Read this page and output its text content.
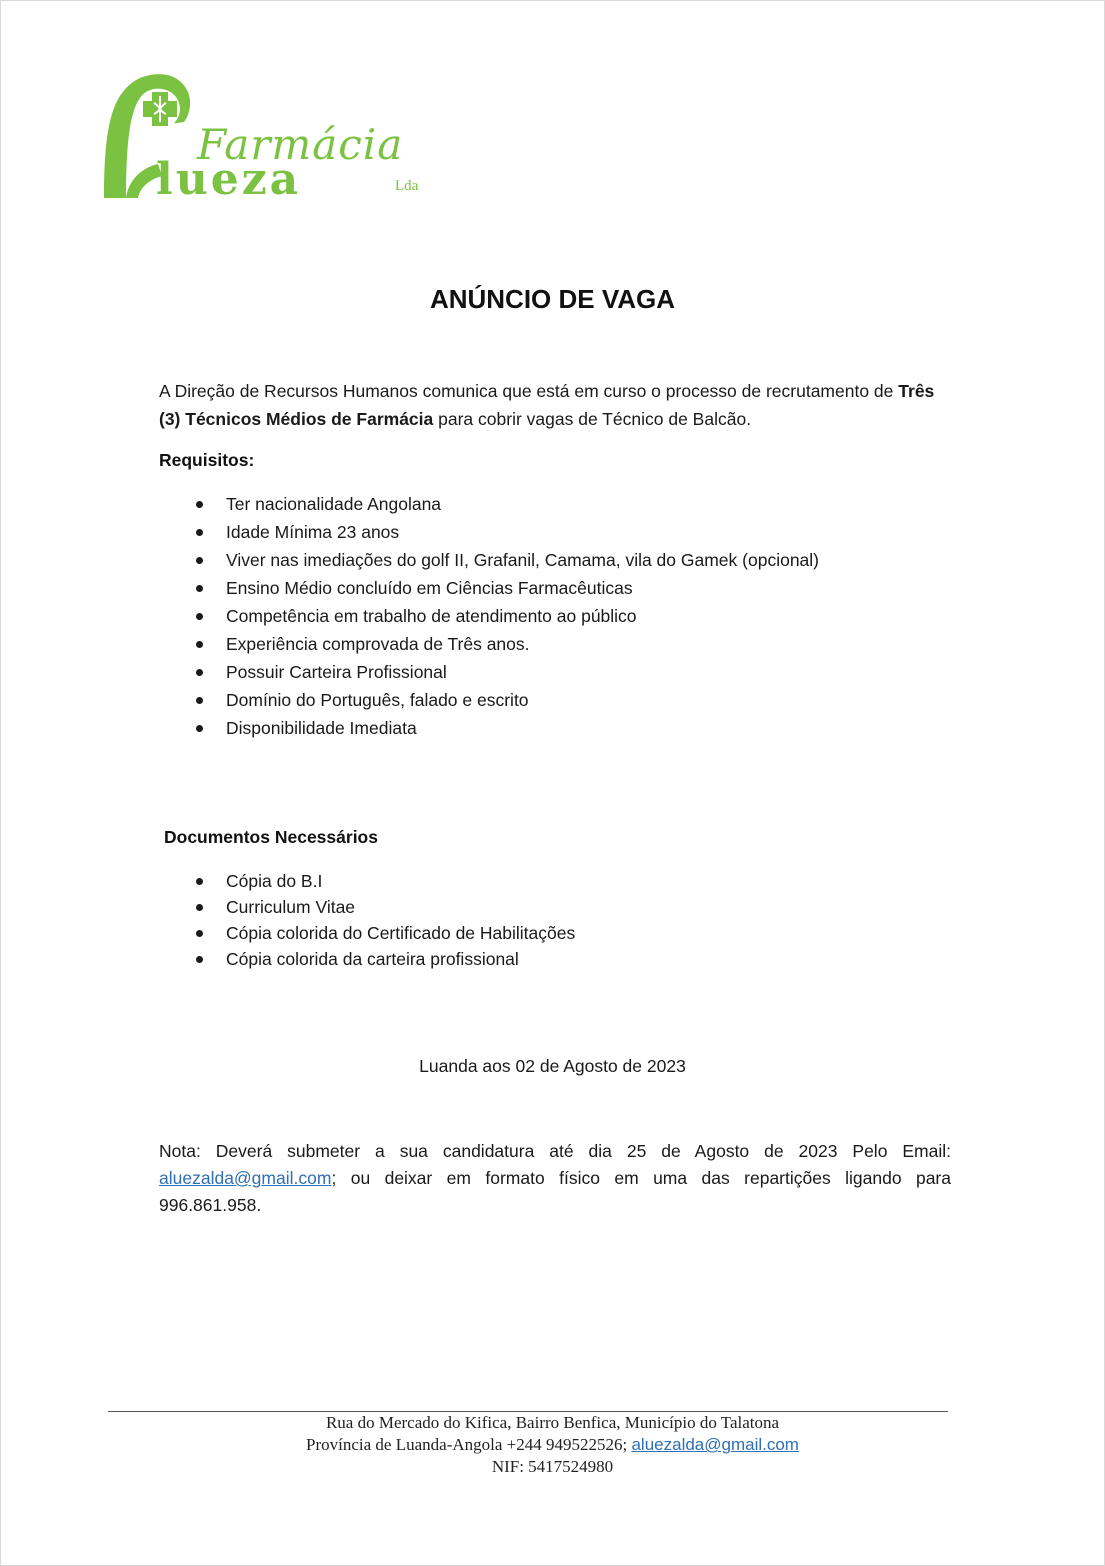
Farmácia
lueza	Lda
ANÚNCIO DE VAGA
A Direção de Recursos Humanos comunica que está em curso o processo de recrutamento de Três (3) Técnicos Médios de Farmácia para cobrir vagas de Técnico de Balcão.
Requisitos:
Ter nacionalidade Angolana
Idade Mínima 23 anos
Viver nas imediações do golf II, Grafanil, Camama, vila do Gamek (opcional)
Ensino Médio concluído em Ciências Farmacêuticas
Competência em trabalho de atendimento ao público
Experiência comprovada de Três anos.
Possuir Carteira Profissional
Domínio do Português, falado e escrito
Disponibilidade Imediata
Documentos Necessários
Cópia do B.I
Curriculum Vitae
Cópia colorida do Certificado de Habilitações
Cópia colorida da carteira profissional
Luanda aos 02 de Agosto de 2023
Nota: Deverá submeter a sua candidatura até dia 25 de Agosto de 2023 Pelo Email: aluezalda@gmail.com; ou deixar em formato físico em uma das repartições ligando para 996.861.958.
Rua do Mercado do Kifica, Bairro Benfica, Município do Talatona
Província de Luanda-Angola +244 949522526; aluezalda@gmail.com
NIF: 5417524980
